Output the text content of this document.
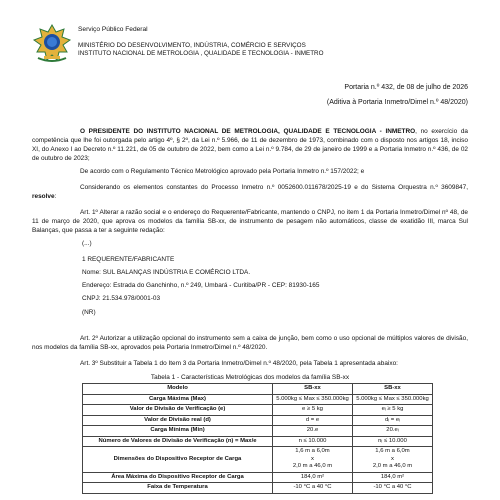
Serviço Público Federal
MINISTÉRIO DO DESENVOLVIMENTO, INDÚSTRIA, COMÉRCIO E SERVIÇOS
INSTITUTO NACIONAL DE METROLOGIA , QUALIDADE E TECNOLOGIA - INMETRO
Portaria n.º 432, de 08 de julho de 2026
(Aditiva à Portaria Inmetro/Dimel n.º 48/2020)
O PRESIDENTE DO INSTITUTO NACIONAL DE METROLOGIA, QUALIDADE E TECNOLOGIA - INMETRO, no exercício da competência que lhe foi outorgada pelo artigo 4º, § 2º, da Lei n.º 5.966, de 11 de dezembro de 1973, combinado com o disposto nos artigos 18, inciso XI, do Anexo I ao Decreto n.º 11.221, de 05 de outubro de 2022, bem como a Lei n.º 9.784, de 29 de janeiro de 1999 e a Portaria Inmetro n.º 436, de 02 de outubro de 2023;
De acordo com o Regulamento Técnico Metrológico aprovado pela Portaria Inmetro n.º 157/2022; e
Considerando os elementos constantes do Processo Inmetro n.º 0052600.011678/2025-19 e do Sistema Orquestra n.º 3609847, resolve:
Art. 1º Alterar a razão social e o endereço do Requerente/Fabricante, mantendo o CNPJ, no item 1 da Portaria Inmetro/Dimel nº 48, de 11 de março de 2020, que aprova os modelos da família SB-xx, de instrumento de pesagem não automáticos, classe de exatidão III, marca Sul Balanças, que passa a ter a seguinte redação:
(...)
1 REQUERENTE/FABRICANTE
Nome: SUL BALANÇAS INDÚSTRIA E COMÉRCIO LTDA.
Endereço: Estrada do Ganchinho, n.º 249, Umbará - Curitiba/PR - CEP: 81930-165
CNPJ: 21.534.978/0001-03
(NR)
Art. 2º Autorizar a utilização opcional do instrumento sem a caixa de junção, bem como o uso opcional de múltiplos valores de divisão, nos modelos da família SB-xx, aprovados pela Portaria Inmetro/Dimel n.º 48/2020.
Art. 3º Substituir a Tabela 1 do Item 3 da Portaria Inmetro/Dimel n.º 48/2020, pela Tabela 1 apresentada abaixo:
Tabela 1 - Características Metrológicas dos modelos da família SB-xx
Modelo	SB-xx	SB-xx
Carga Máxima (Max)	5.000kg ≤ Max ≤ 350.000kg	5.000kg ≤ Max ≤ 350.000kg
Valor de Divisão de Verificação (e)	e ≥ 5 kg	eᵢ ≥ 5 kg
Valor de Divisão real (d)	d = e	dᵢ = eᵢ
Carga Mínima (Min)	20.e	20.eᵢ
Número de Valores de Divisão de Verificação (n) = Max/e	n ≤ 10.000	nᵢ ≤ 10.000
Dimensões do Dispositivo Receptor de Carga	1,6 m a 6,0m
x
2,0 m a 46,0 m	1,6 m a 6,0m
x
2,0 m a 46,0 m
Área Máxima do Dispositivo Receptor de Carga	184,0 m²	184,0 m²
Faixa de Temperatura	-10 °C a 40 °C	-10 °C a 40 °C
